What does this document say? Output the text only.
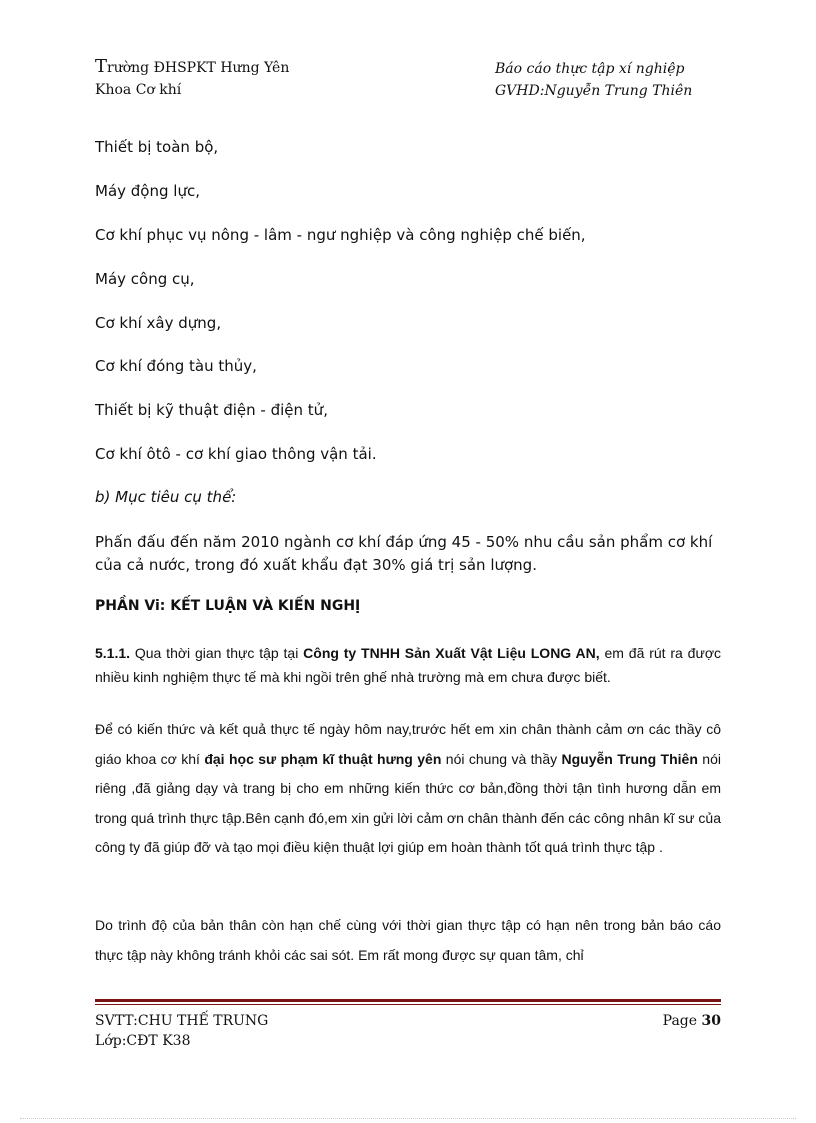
Trường ĐHSPKT Hưng Yên
Khoa Cơ khí
Báo cáo thực tập xí nghiệp
GVHD:Nguyễn Trung Thiên
Thiết bị toàn bộ,
Máy động lực,
Cơ khí phục vụ nông - lâm - ngư nghiệp và công nghiệp chế biến,
Máy công cụ,
Cơ khí xây dựng,
Cơ khí đóng tàu thủy,
Thiết bị kỹ thuật điện - điện tử,
Cơ khí ôtô - cơ khí giao thông vận tải.
b) Mục tiêu cụ thể:
Phấn đấu đến năm 2010 ngành cơ khí đáp ứng 45 - 50% nhu cầu sản phẩm cơ khí của cả nước, trong đó xuất khẩu đạt 30% giá trị sản lượng.
PHẦN Vi: KẾT LUẬN VÀ KIẾN NGHỊ
5.1.1. Qua thời gian thực tập tại Công ty TNHH Sản Xuất Vật Liệu LONG AN, em đã rút ra được nhiều kinh nghiệm thực tế mà khi ngồi trên ghế nhà trường mà em chưa được biết.
Để có kiến thức và kết quả thực tế ngày hôm nay,trước hết em xin chân thành cảm ơn các thầy cô giáo khoa cơ khí đại học sư phạm kĩ thuật hưng yên nói chung và thầy Nguyễn Trung Thiên nói riêng ,đã giảng dạy và trang bị cho em những kiến thức cơ bản,đồng thời tận tình hương dẫn em trong quá trình thực tập.Bên cạnh đó,em xin gửi lời cảm ơn chân thành đến các công nhân kĩ sư của công ty đã giúp đỡ và tạo mọi điều kiện thuật lợi giúp em hoàn thành tốt quá trình thực tập .
Do trình độ của bản thân còn hạn chế cùng với thời gian thực tập có hạn nên trong bản báo cáo thực tập này không tránh khỏi các sai sót. Em rất mong được sự quan tâm, chỉ
SVTT:CHU THẾ TRUNG
Lớp:CĐT K38
Page 30
